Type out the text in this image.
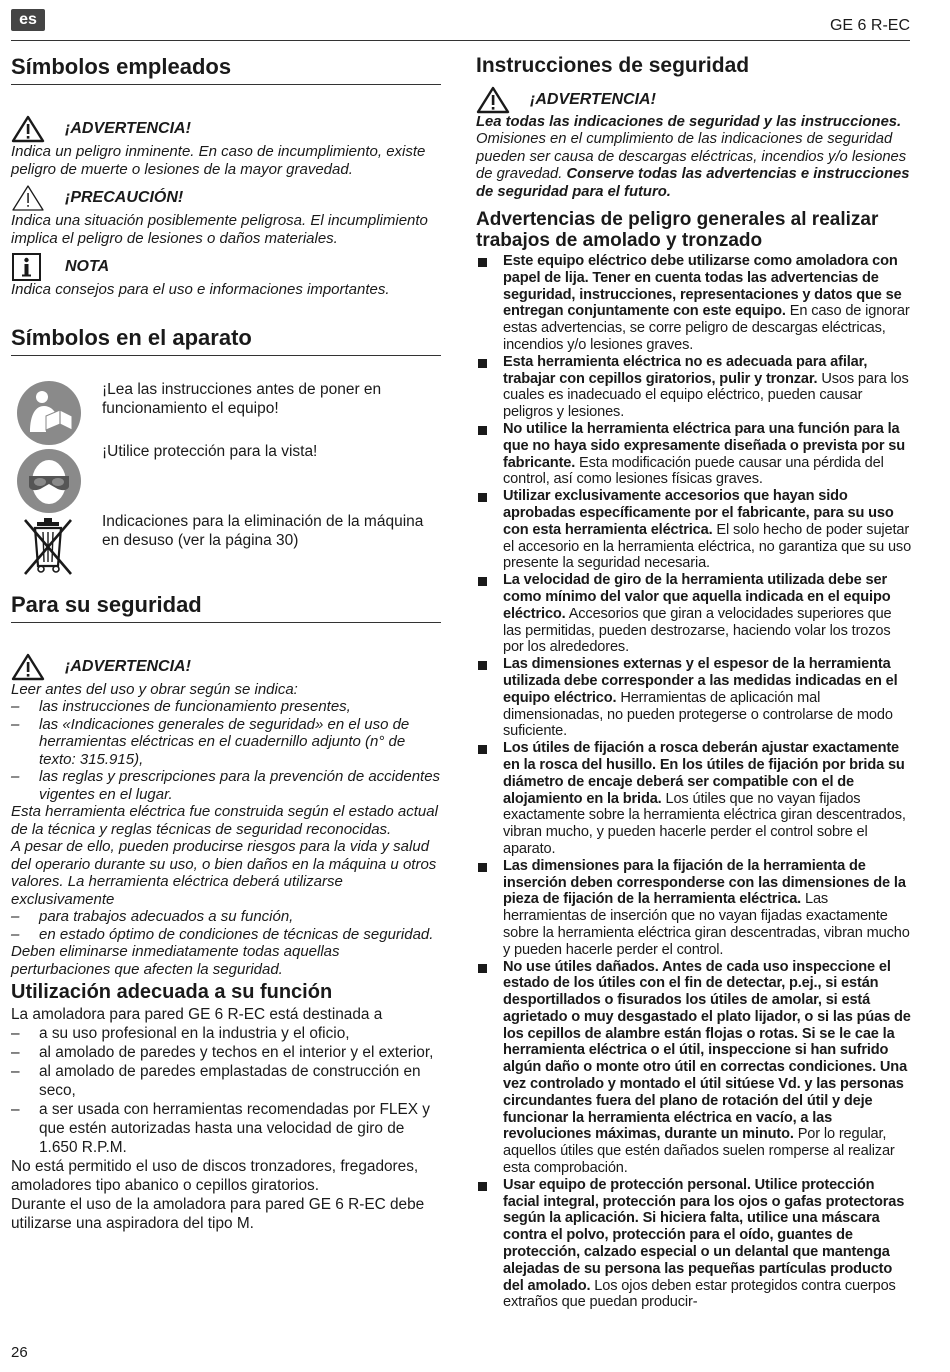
es	GE 6 R-EC
Símbolos empleados
¡ADVERTENCIA!

Indica un peligro inminente. En caso de incumplimiento, existe peligro de muerte o lesiones de la mayor gravedad.

¡PRECAUCIÓN!

Indica una situación posiblemente peligrosa. El incumplimiento implica el peligro de lesiones o daños materiales.

NOTA

Indica consejos para el uso e informaciones importantes.

Símbolos en el aparato

¡Lea las instrucciones antes de poner en funcionamiento el equipo!

¡Utilice protección para la vista!

Indicaciones para la eliminación de la máquina en desuso (ver la página 30)

Para su seguridad
¡ADVERTENCIA!

Leer antes del uso y obrar según se indica:

– las instrucciones de funcionamiento presentes,
– las «Indicaciones generales de seguridad» en el uso de herramientas eléctricas en el cuadernillo adjunto (n° de texto: 315.915),
– las reglas y prescripciones para la prevención de accidentes vigentes en el lugar.

Esta herramienta eléctrica fue construida según el estado actual de la técnica y reglas técnicas de seguridad reconocidas.

A pesar de ello, pueden producirse riesgos para la vida y salud del operario durante su uso, o bien daños en la máquina u otros valores. La herramienta eléctrica deberá utilizarse exclusivamente

– para trabajos adecuados a su función,
– en estado óptimo de condiciones de técnicas de seguridad.

Deben eliminarse inmediatamente todas aquellas perturbaciones que afecten la seguridad.

Utilización adecuada a su función

La amoladora para pared GE 6 R-EC está destinada a

– a su uso profesional en la industria y el oficio,
– al amolado de paredes y techos en el interior y el exterior,
– al amolado de paredes emplastadas de construcción en seco,
– a ser usada con herramientas recomendadas por FLEX y que estén autorizadas hasta una velocidad de giro de 1.650 R.P.M.

No está permitido el uso de discos tronzadores, fregadores, amoladores tipo abanico o cepillos giratorios.

Durante el uso de la amoladora para pared GE 6 R-EC debe utilizarse una aspiradora del tipo M.

Instrucciones de seguridad
¡ADVERTENCIA!

Lea todas las indicaciones de seguridad y las instrucciones. Omisiones en el cumplimiento de las indicaciones de seguridad pueden ser causa de descargas eléctricas, incendios y/o lesiones de gravedad. Conserve todas las advertencias e instrucciones de seguridad para el futuro.

Advertencias de peligro generales al realizar trabajos de amolado y tronzado
Este equipo eléctrico debe utilizarse como amoladora con papel de lija. Tener en cuenta todas las advertencias de seguridad, instrucciones, representaciones y datos que se entregan conjuntamente con este equipo. En caso de ignorar estas advertencias, se corre peligro de descargas eléctricas, incendios y/o lesiones graves.
Esta herramienta eléctrica no es adecuada para afilar, trabajar con cepillos giratorios, pulir y tronzar. Usos para los cuales es inadecuado el equipo eléctrico, pueden causar peligros y lesiones.
No utilice la herramienta eléctrica para una función para la que no haya sido expresamente diseñada o prevista por su fabricante. Esta modificación puede causar una pérdida del control, así como lesiones físicas graves.
Utilizar exclusivamente accesorios que hayan sido aprobadas específicamente por el fabricante, para su uso con esta herramienta eléctrica. El solo hecho de poder sujetar el accesorio en la herramienta eléctrica, no garantiza que su uso presente la seguridad necesaria.
La velocidad de giro de la herramienta utilizada debe ser como mínimo del valor que aquella indicada en el equipo eléctrico. Accesorios que giran a velocidades superiores que las permitidas, pueden destrozarse, haciendo volar los trozos por los alrededores.
Las dimensiones externas y el espesor de la herramienta utilizada debe corresponder a las medidas indicadas en el equipo eléctrico. Herramientas de aplicación mal dimensionadas, no pueden protegerse o controlarse de modo suficiente.
Los útiles de fijación a rosca deberán ajustar exactamente en la rosca del husillo. En los útiles de fijación por brida su diámetro de encaje deberá ser compatible con el de alojamiento en la brida. Los útiles que no vayan fijados exactamente sobre la herramienta eléctrica giran descentrados, vibran mucho, y pueden hacerle perder el control sobre el aparato.
Las dimensiones para la fijación de la herramienta de inserción deben corresponderse con las dimensiones de la pieza de fijación de la herramienta eléctrica. Las herramientas de inserción que no vayan fijadas exactamente sobre la herramienta eléctrica giran descentradas, vibran mucho y pueden hacerle perder el control.
No use útiles dañados. Antes de cada uso inspeccione el estado de los útiles con el fin de detectar, p.ej., si están desportillados o fisurados los útiles de amolar, si está agrietado o muy desgastado el plato lijador, o si las púas de los cepillos de alambre están flojas o rotas. Si se le cae la herramienta eléctrica o el útil, inspeccione si han sufrido algún daño o monte otro útil en correctas condiciones. Una vez controlado y montado el útil sitúese Vd. y las personas circundantes fuera del plano de rotación del útil y deje funcionar la herramienta eléctrica en vacío, a las revoluciones máximas, durante un minuto. Por lo regular, aquellos útiles que estén dañados suelen romperse al realizar esta comprobación.
Usar equipo de protección personal. Utilice protección facial integral, protección para los ojos o gafas protectoras según la aplicación. Si hiciera falta, utilice una máscara contra el polvo, protección para el oído, guantes de protección, calzado especial o un delantal que mantenga alejadas de su persona las pequeñas partículas producto del amolado. Los ojos deben estar protegidos contra cuerpos extraños que puedan producir-
26
